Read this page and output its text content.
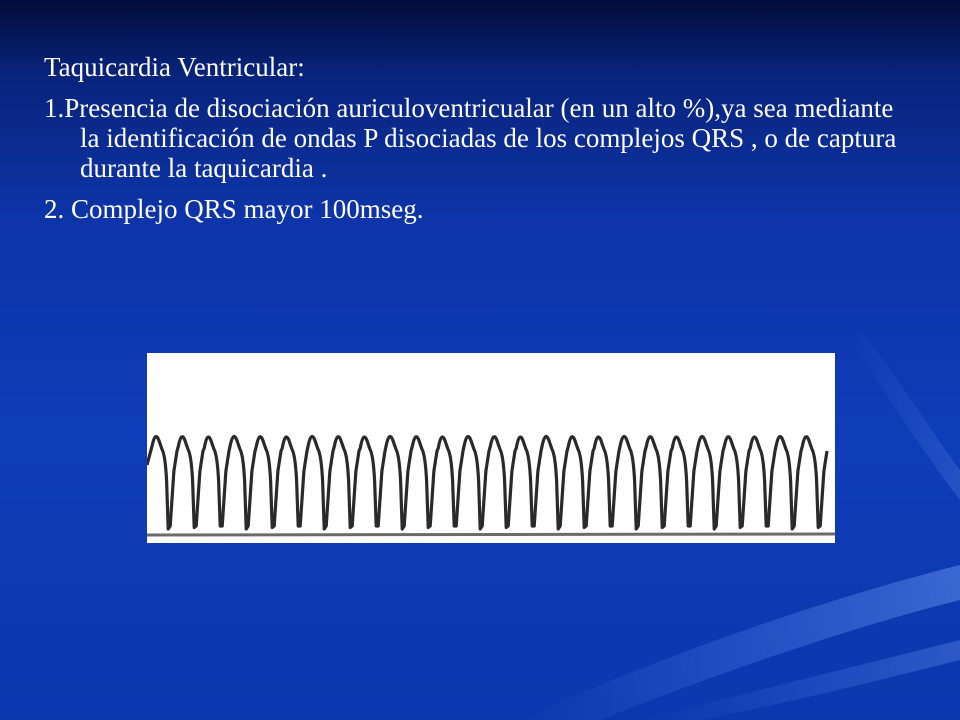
Taquicardia Ventricular:
1.Presencia de disociación auriculoventricualar (en un alto %),ya sea mediante la identificación de ondas P disociadas de los complejos QRS , o de captura durante la taquicardia .
2. Complejo QRS mayor 100mseg.
